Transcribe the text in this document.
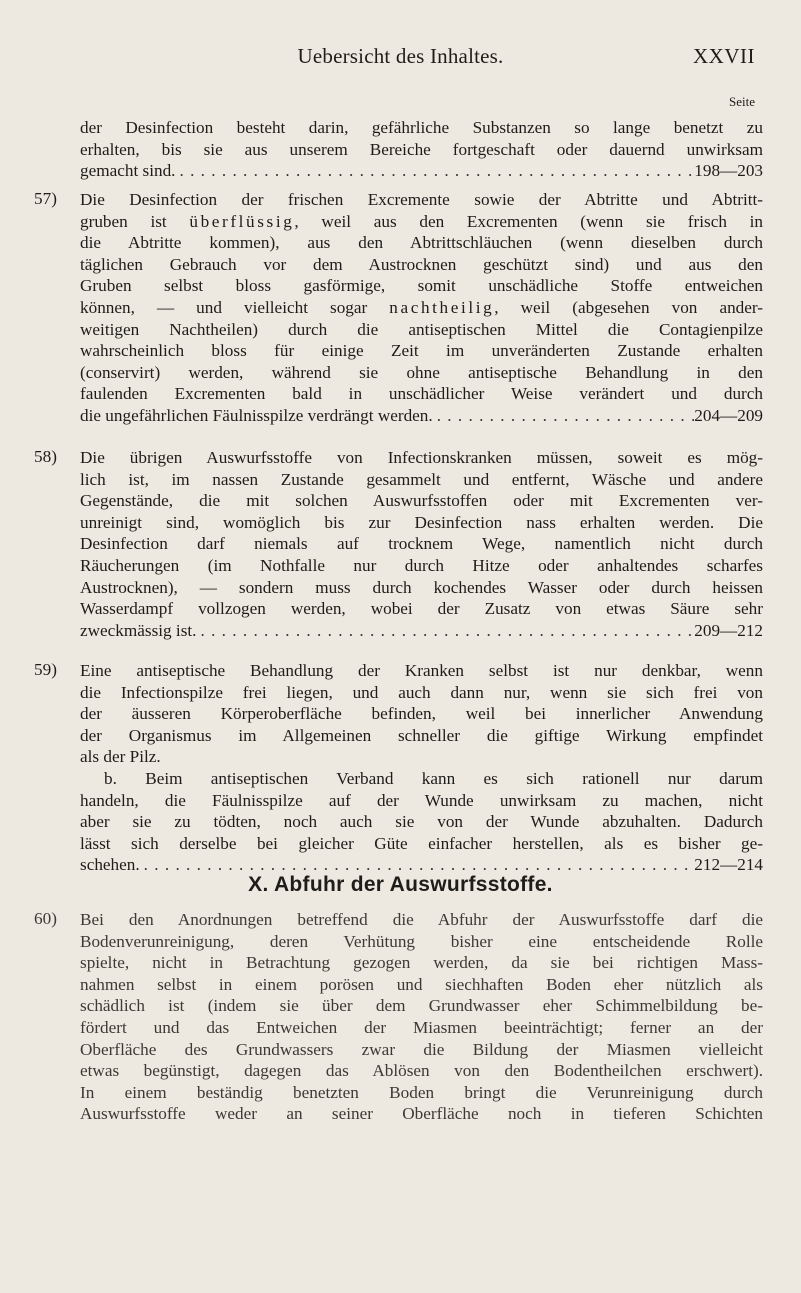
Uebersicht des Inhaltes.	XXVII
Seite
der Desinfection besteht darin, gefährliche Substanzen so lange benetzt zu
erhalten, bis sie aus unserem Bereiche fortgeschaft oder dauernd unwirksam
gemacht sind. . . .	198—203
57) Die Desinfection der frischen Excremente sowie der Abtritte und Abtritt-
gruben ist überflüssig, weil aus den Excrementen (wenn sie frisch in
die Abtritte kommen), aus den Abtrittschläuchen (wenn dieselben durch
täglichen Gebrauch vor dem Austrocknen geschützt sind) und aus den
Gruben selbst bloss gasförmige, somit unschädliche Stoffe entweichen
können, — und vielleicht sogar nachtheilig, weil (abgesehen von ander-
weitigen Nachtheilen) durch die antiseptischen Mittel die Contagienpilze
wahrscheinlich bloss für einige Zeit im unveränderten Zustande erhalten
(conservirt) werden, während sie ohne antiseptische Behandlung in den
faulenden Excrementen bald in unschädlicher Weise verändert und durch
die ungefährlichen Fäulnisspilze verdrängt werden. . . .	204—209
58) Die übrigen Auswurfsstoffe von Infectionskranken müssen, soweit es mög-
lich ist, im nassen Zustande gesammelt und entfernt, Wäsche und andere
Gegenstände, die mit solchen Auswurfsstoffen oder mit Excrementen ver-
unreinigt sind, womöglich bis zur Desinfection nass erhalten werden. Die
Desinfection darf niemals auf trocknem Wege, namentlich nicht durch
Räucherungen (im Nothfalle nur durch Hitze oder anhaltendes scharfes
Austrocknen), — sondern muss durch kochendes Wasser oder durch heissen
Wasserdampf vollzogen werden, wobei der Zusatz von etwas Säure sehr
zweckmässig ist. . . .	209—212
59) Eine antiseptische Behandlung der Kranken selbst ist nur denkbar, wenn
die Infectionspilze frei liegen, und auch dann nur, wenn sie sich frei von
der äusseren Körperoberfläche befinden, weil bei innerlicher Anwendung
der Organismus im Allgemeinen schneller die giftige Wirkung empfindet
als der Pilz.
b. Beim antiseptischen Verband kann es sich rationell nur darum
handeln, die Fäulnisspilze auf der Wunde unwirksam zu machen, nicht
aber sie zu tödten, noch auch sie von der Wunde abzuhalten. Dadurch
lässt sich derselbe bei gleicher Güte einfacher herstellen, als es bisher ge-
schehen. . . .	212—214
X. Abfuhr der Auswurfsstoffe.
60) Bei den Anordnungen betreffend die Abfuhr der Auswurfsstoffe darf die
Bodenverunreinigung, deren Verhütung bisher eine entscheidende Rolle
spielte, nicht in Betrachtung gezogen werden, da sie bei richtigen Mass-
nahmen selbst in einem porösen und siechhaften Boden eher nützlich als
schädlich ist (indem sie über dem Grundwasser eher Schimmelbildung be-
fördert und das Entweichen der Miasmen beeinträchtigt; ferner an der
Oberfläche des Grundwassers zwar die Bildung der Miasmen vielleicht
etwas begünstigt, dagegen das Ablösen von den Bodentheilchen erschwert).
In einem beständig benetzten Boden bringt die Verunreinigung durch
Auswurfsstoffe weder an seiner Oberfläche noch in tieferen Schichten
